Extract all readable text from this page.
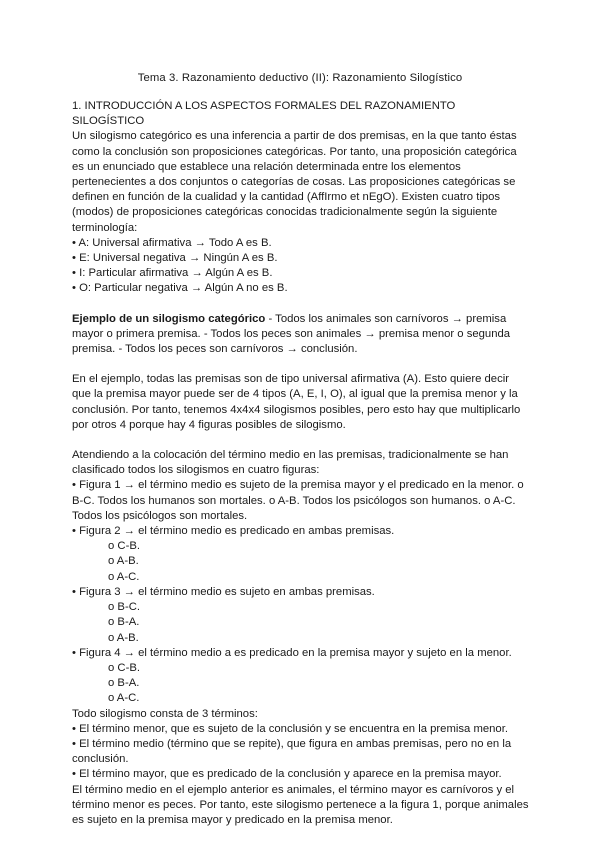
Tema 3. Razonamiento deductivo (II): Razonamiento Silogístico

1. INTRODUCCIÓN A LOS ASPECTOS FORMALES DEL RAZONAMIENTO SILOGÍSTICO

Un silogismo categórico es una inferencia a partir de dos premisas, en la que tanto éstas como la conclusión son proposiciones categóricas. Por tanto, una proposición categórica es un enunciado que establece una relación determinada entre los elementos pertenecientes a dos conjuntos o categorías de cosas. Las proposiciones categóricas se definen en función de la cualidad y la cantidad (AffIrmo et nEgO). Existen cuatro tipos (modos) de proposiciones categóricas conocidas tradicionalmente según la siguiente terminología:

• A: Universal afirmativa → Todo A es B.

• E: Universal negativa → Ningún A es B.

• I: Particular afirmativa → Algún A es B.

• O: Particular negativa → Algún A no es B.

Ejemplo de un silogismo categórico - Todos los animales son carnívoros → premisa mayor o primera premisa. - Todos los peces son animales → premisa menor o segunda premisa. - Todos los peces son carnívoros → conclusión.

En el ejemplo, todas las premisas son de tipo universal afirmativa (A). Esto quiere decir que la premisa mayor puede ser de 4 tipos (A, E, I, O), al igual que la premisa menor y la conclusión. Por tanto, tenemos 4x4x4 silogismos posibles, pero esto hay que multiplicarlo por otros 4 porque hay 4 figuras posibles de silogismo.

Atendiendo a la colocación del término medio en las premisas, tradicionalmente se han clasificado todos los silogismos en cuatro figuras:

• Figura 1 → el término medio es sujeto de la premisa mayor y el predicado en la menor. o B-C. Todos los humanos son mortales. o A-B. Todos los psicólogos son humanos. o A-C. Todos los psicólogos son mortales.

• Figura 2 → el término medio es predicado en ambas premisas.

o C-B.

o A-B.

o A-C.

• Figura 3 → el término medio es sujeto en ambas premisas.

o B-C.

o B-A.

o A-B.

• Figura 4 → el término medio a es predicado en la premisa mayor y sujeto en la menor.

o C-B.

o B-A.

o A-C.

Todo silogismo consta de 3 términos:

• El término menor, que es sujeto de la conclusión y se encuentra en la premisa menor.

• El término medio (término que se repite), que figura en ambas premisas, pero no en la conclusión.

• El término mayor, que es predicado de la conclusión y aparece en la premisa mayor.

El término medio en el ejemplo anterior es animales, el término mayor es carnívoros y el término menor es peces. Por tanto, este silogismo pertenece a la figura 1, porque animales es sujeto en la premisa mayor y predicado en la premisa menor.
